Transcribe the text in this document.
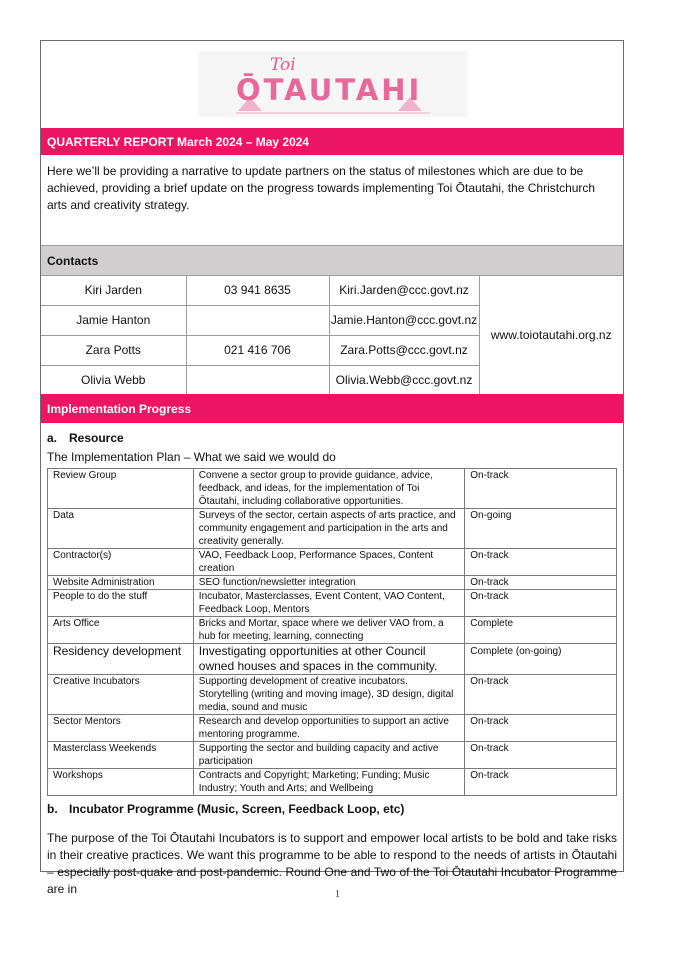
Toi
ŌTAUTAHI
QUARTERLY REPORT March 2024 – May 2024
Here we’ll be providing a narrative to update partners on the status of milestones which are due to be achieved, providing a brief update on the progress towards implementing Toi Ōtautahi, the Christchurch arts and creativity strategy.
Contacts
Kiri Jarden	03 941 8635	Kiri.Jarden@ccc.govt.nz	www.toiotautahi.org.nz
Jamie Hanton		Jamie.Hanton@ccc.govt.nz	
Zara Potts	021 416 706	Zara.Potts@ccc.govt.nz	
Olivia Webb		Olivia.Webb@ccc.govt.nz	
Implementation Progress
a. Resource
The Implementation Plan – What we said we would do
Review Group	Convene a sector group to provide guidance, advice, feedback, and ideas, for the implementation of Toi Ōtautahi, including collaborative opportunities.	On-track
Data	Surveys of the sector, certain aspects of arts practice, and community engagement and participation in the arts and creativity generally.	On-going
Contractor(s)	VAO, Feedback Loop, Performance Spaces, Content creation	On-track
Website Administration	SEO function/newsletter integration	On-track
People to do the stuff	Incubator, Masterclasses, Event Content, VAO Content, Feedback Loop, Mentors	On-track
Arts Office	Bricks and Mortar, space where we deliver VAO from, a hub for meeting, learning, connecting	Complete
Residency development	Investigating opportunities at other Council owned houses and spaces in the community.	Complete (on-going)
Creative Incubators	Supporting development of creative incubators. Storytelling (writing and moving image), 3D design, digital media, sound and music	On-track
Sector Mentors	Research and develop opportunities to support an active mentoring programme.	On-track
Masterclass Weekends	Supporting the sector and building capacity and active participation	On-track
Workshops	Contracts and Copyright; Marketing; Funding; Music Industry; Youth and Arts; and Wellbeing	On-track
b. Incubator Programme (Music, Screen, Feedback Loop, etc)
The purpose of the Toi Ōtautahi Incubators is to support and empower local artists to be bold and take risks in their creative practices. We want this programme to be able to respond to the needs of artists in Ōtautahi – especially post-quake and post-pandemic. Round One and Two of the Toi Ōtautahi Incubator Programme are in	1
